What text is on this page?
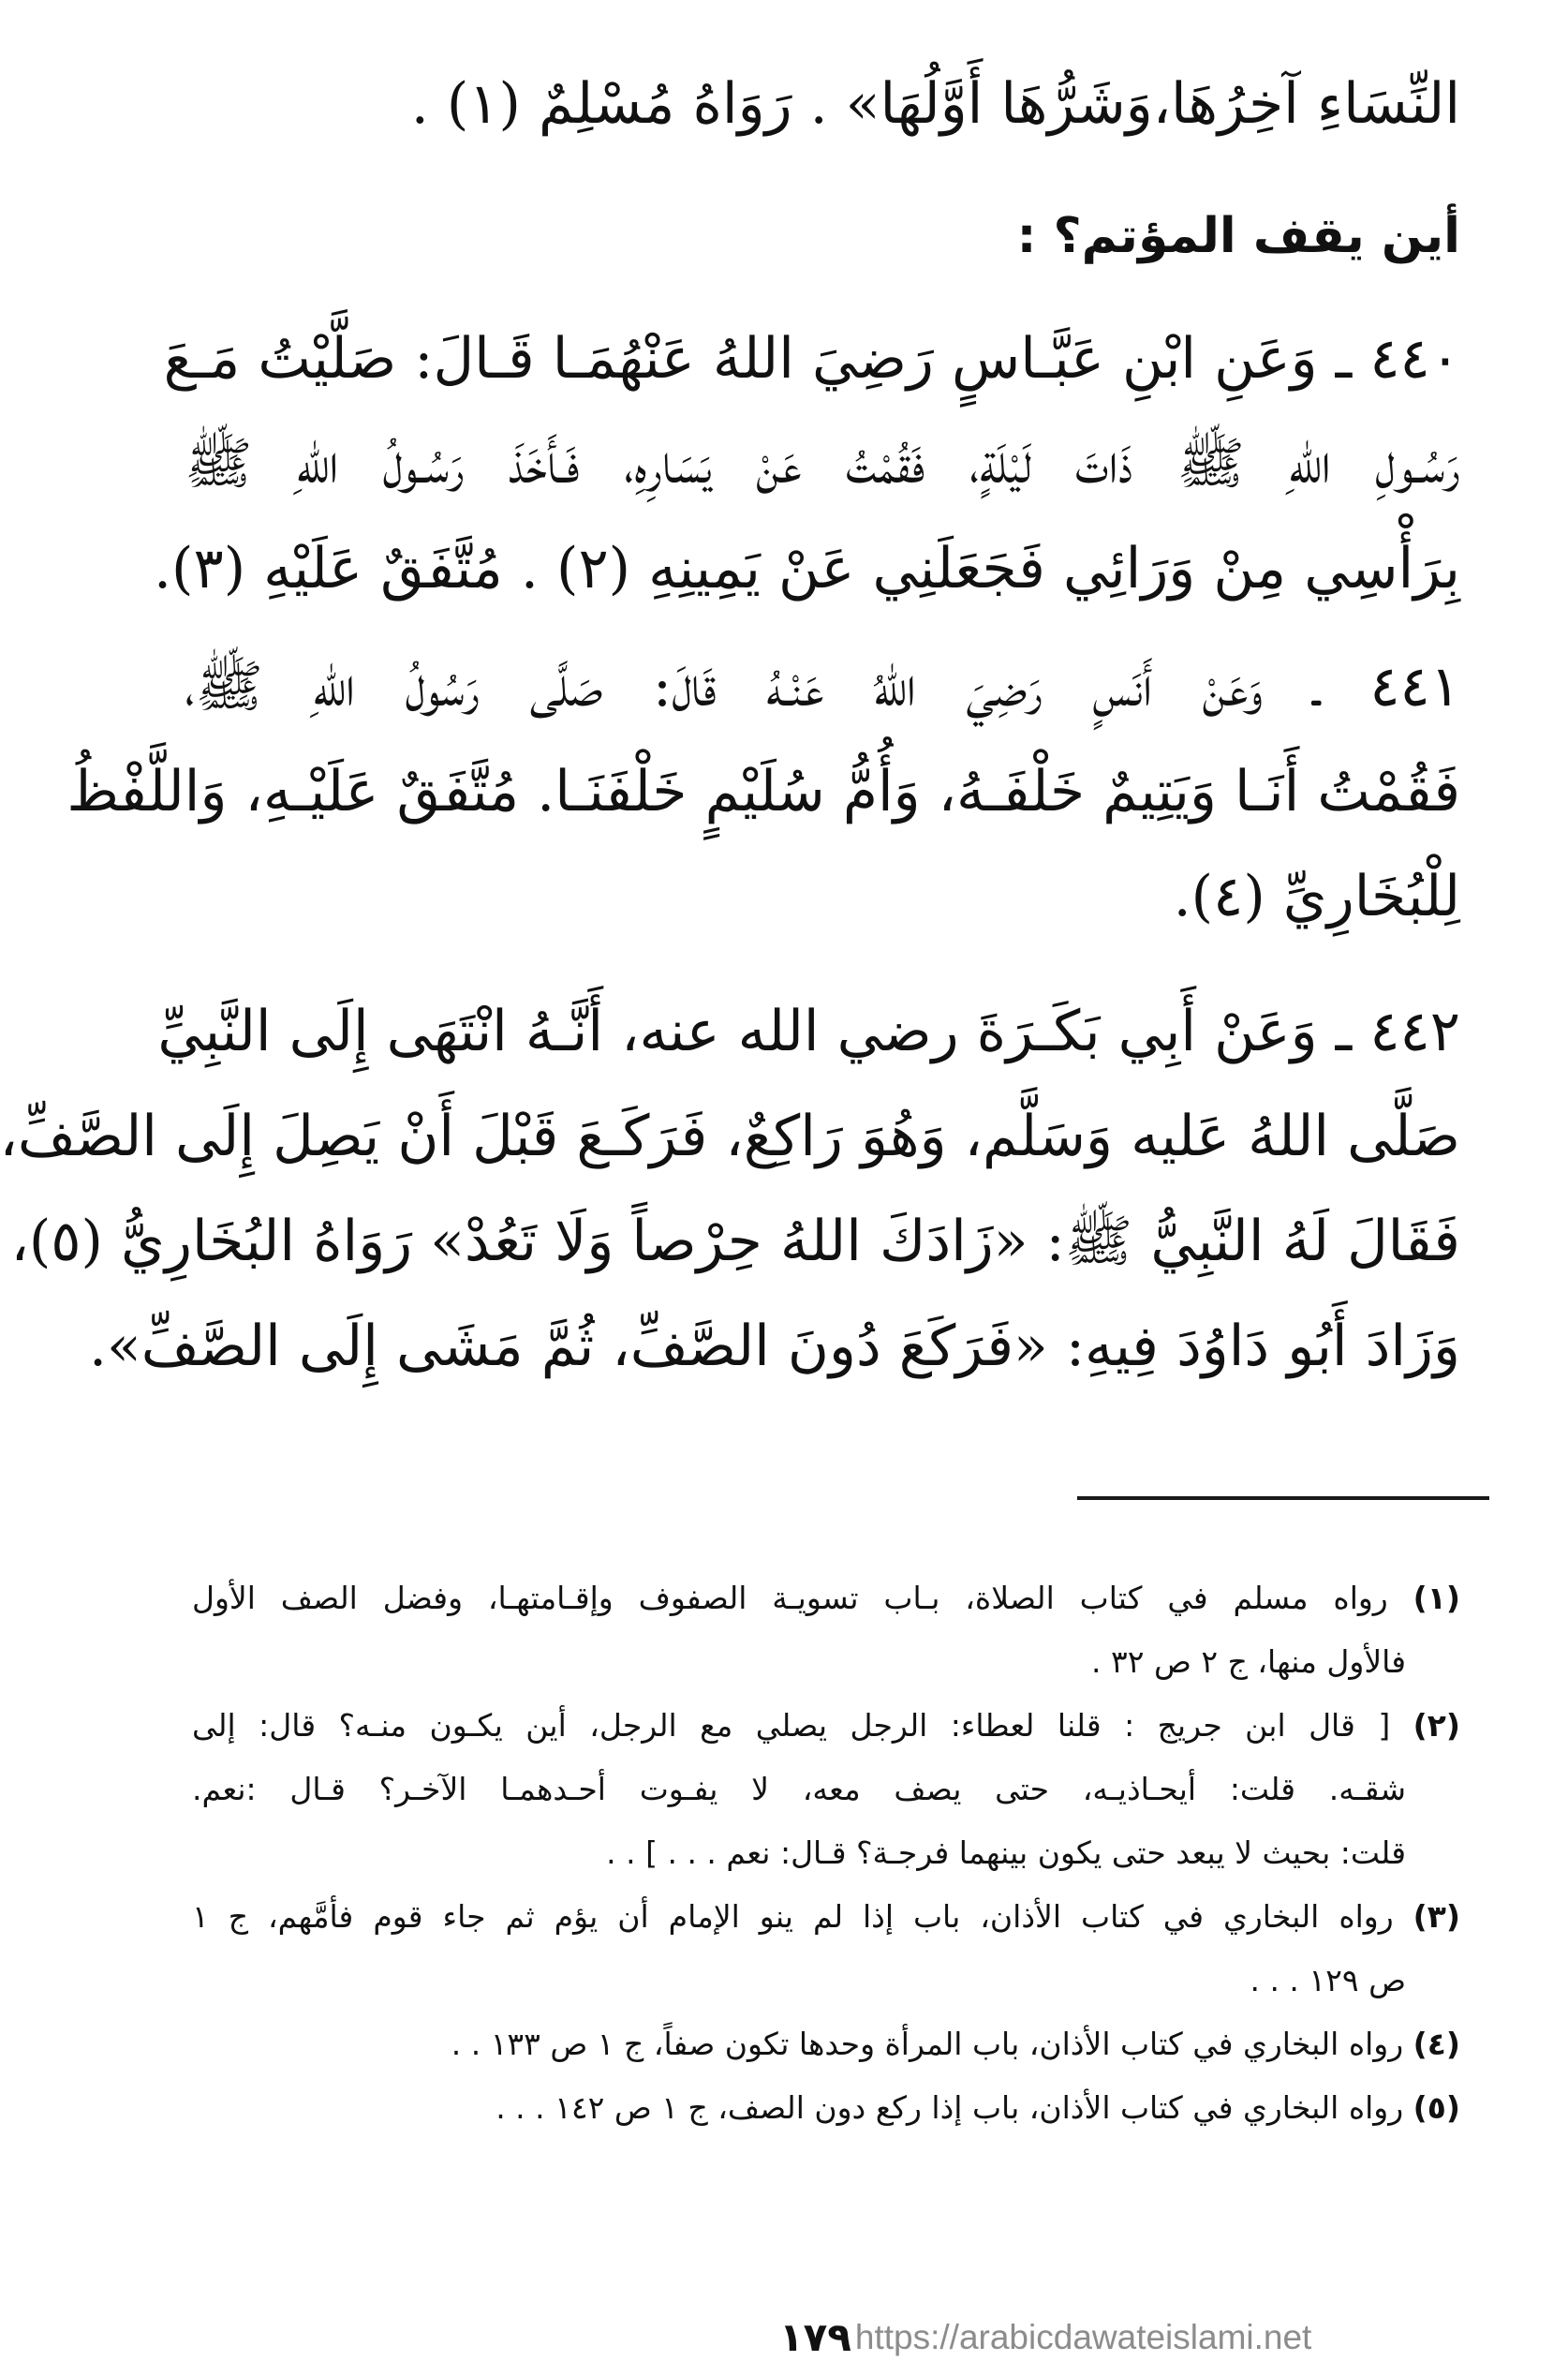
النِّسَاءِ آخِرُهَا،وَشَرُّهَا أَوَّلُهَا» . رَوَاهُ مُسْلِمٌ (١) .
أين يقف المؤتم؟ :
٤٤٠ ـ وَعَنِ ابْنِ عَبَّـاسٍ رَضِيَ اللهُ عَنْهُمَـا قَـالَ: صَلَّيْتُ مَـعَ
رَسُـولِ اللهِ ﷺ ذَاتَ لَيْلَةٍ، فَقُمْتُ عَنْ يَسَارِهِ، فَـأَخَذَ رَسُـولُ اللهِ ﷺ
بِرَأْسِي مِنْ وَرَائِي فَجَعَلَنِي عَنْ يَمِينِهِ (٢) . مُتَّفَقٌ عَلَيْهِ (٣).
٤٤١ ـ وَعَنْ أَنَسٍ رَضِيَ اللهُ عَنْـهُ قَالَ: صَلَّى رَسُولُ اللهِ ﷺ،
فَقُمْتُ أَنَـا وَيَتِيمٌ خَلْفَـهُ، وَأُمُّ سُلَيْمٍ خَلْفَنَـا. مُتَّفَقٌ عَلَيْـهِ، وَاللَّفْظُ
لِلْبُخَارِيِّ (٤).
٤٤٢ ـ وَعَنْ أَبِي بَكَـرَةَ رضي الله عنه، أَنَّـهُ انْتَهَى إِلَى النَّبِيِّ
صَلَّى اللهُ عَليه وَسَلَّم، وَهُوَ رَاكِعٌ، فَرَكَـعَ قَبْلَ أَنْ يَصِلَ إِلَى الصَّفِّ،
فَقَالَ لَهُ النَّبِيُّ ﷺ: «زَادَكَ اللهُ حِرْصاً وَلَا تَعُدْ» رَوَاهُ البُخَارِيُّ (٥)،
وَزَادَ أَبُو دَاوُدَ فِيهِ: «فَرَكَعَ دُونَ الصَّفِّ، ثُمَّ مَشَى إِلَى الصَّفِّ».
(١) رواه مسلم في كتاب الصلاة، بـاب تسويـة الصفوف وإقـامتهـا، وفضل الصف الأول
فالأول منها، ج ٢ ص ٣٢ .
(٢) [ قال ابن جريج : قلنا لعطاء: الرجل يصلي مع الرجل، أين يكـون منـه؟ قال: إلى
شقـه. قلت: أيحـاذيـه، حتى يصف معه، لا يفـوت أحـدهمـا الآخـر؟ قـال :نعم.
قلت: بحيث لا يبعد حتى يكون بينهما فرجـة؟ قـال: نعم . . . ] . .
(٣) رواه البخاري في كتاب الأذان، باب إذا لم ينو الإمام أن يؤم ثم جاء قوم فأمَّهم، ج ١
ص ١٢٩ . . .
(٤) رواه البخاري في كتاب الأذان، باب المرأة وحدها تكون صفاً، ج ١ ص ١٣٣ . .
(٥) رواه البخاري في كتاب الأذان، باب إذا ركع دون الصف، ج ١ ص ١٤٢ . . .
١٧٩ https://arabicdawateislami.net
